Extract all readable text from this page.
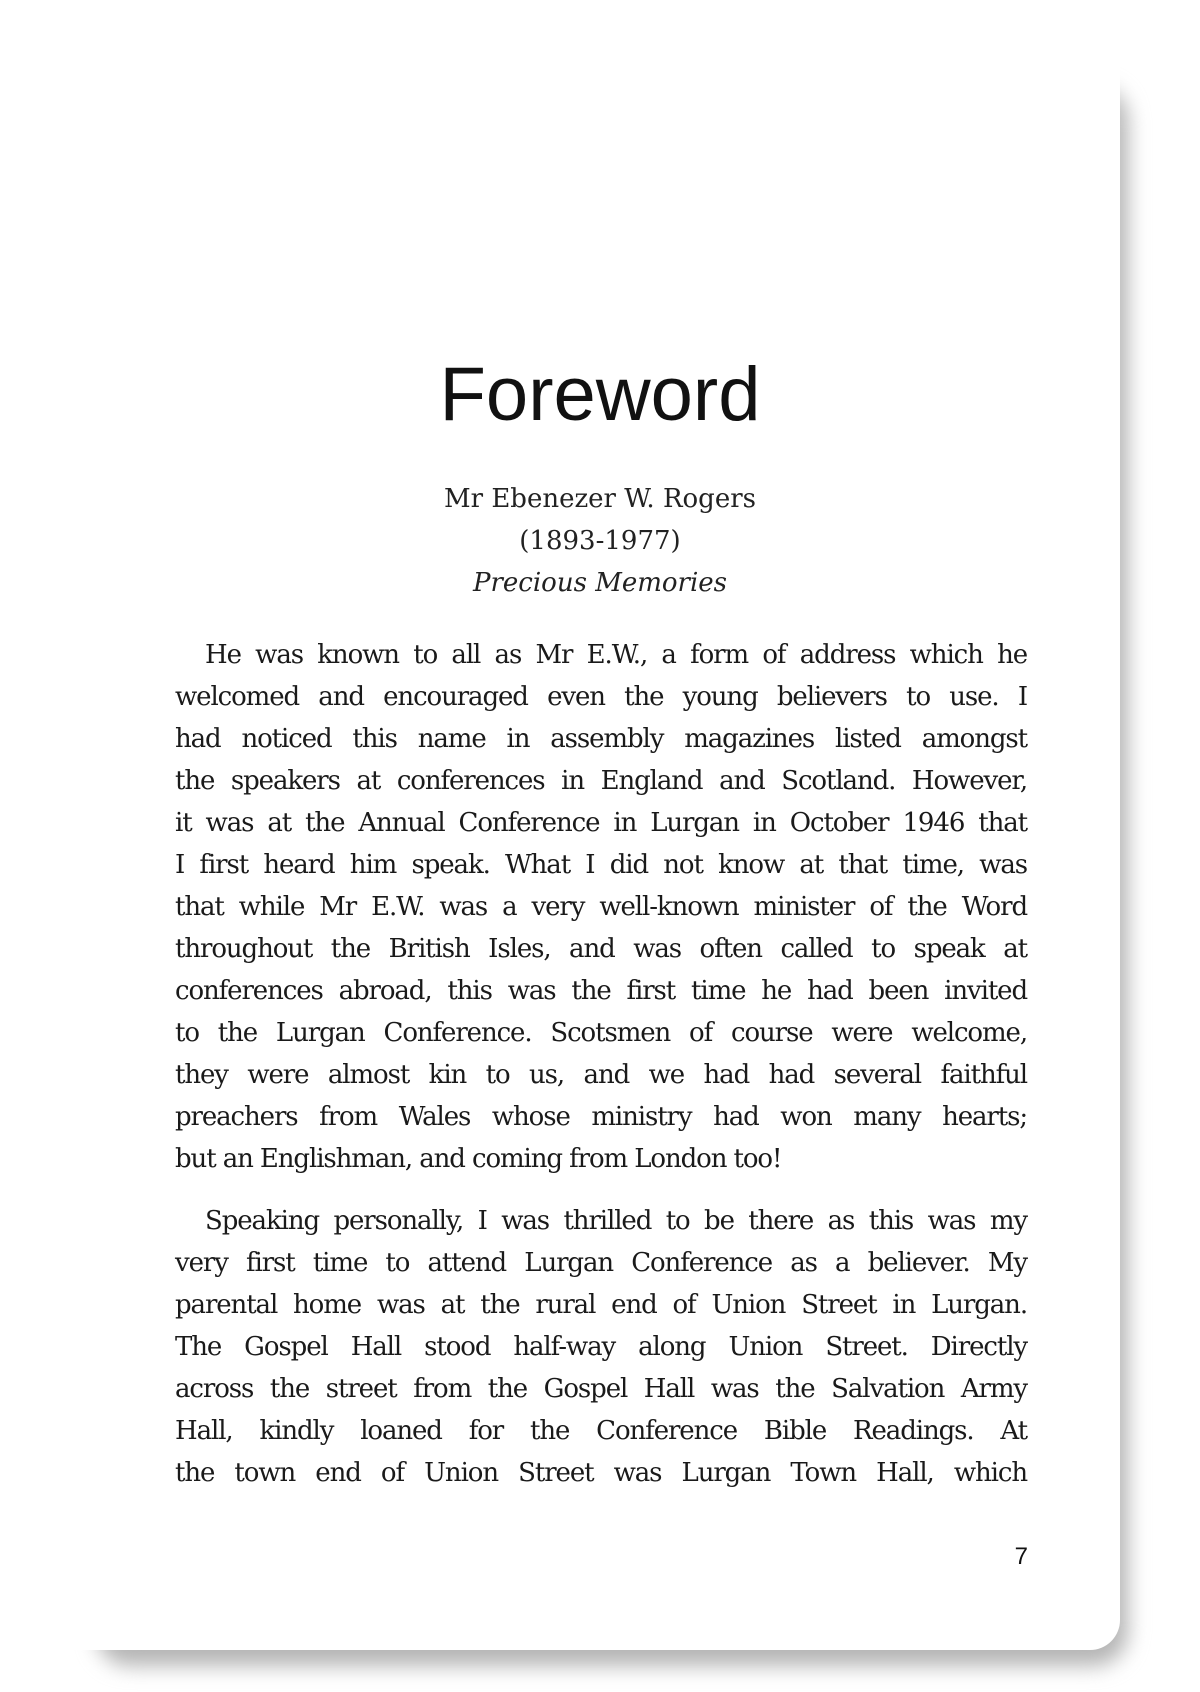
Foreword
Mr Ebenezer W. Rogers
(1893-1977)
Precious Memories

He was known to all as Mr E.W., a form of address which he
welcomed and encouraged even the young believers to use. I
had noticed this name in assembly magazines listed amongst
the speakers at conferences in England and Scotland. However,
it was at the Annual Conference in Lurgan in October 1946 that
I first heard him speak. What I did not know at that time, was
that while Mr E.W. was a very well-known minister of the Word
throughout the British Isles, and was often called to speak at
conferences abroad, this was the first time he had been invited
to the Lurgan Conference. Scotsmen of course were welcome,
they were almost kin to us, and we had had several faithful
preachers from Wales whose ministry had won many hearts;
but an Englishman, and coming from London too!

Speaking personally, I was thrilled to be there as this was my
very first time to attend Lurgan Conference as a believer. My
parental home was at the rural end of Union Street in Lurgan.
The Gospel Hall stood half-way along Union Street. Directly
across the street from the Gospel Hall was the Salvation Army
Hall, kindly loaned for the Conference Bible Readings. At
the town end of Union Street was Lurgan Town Hall, which

7
